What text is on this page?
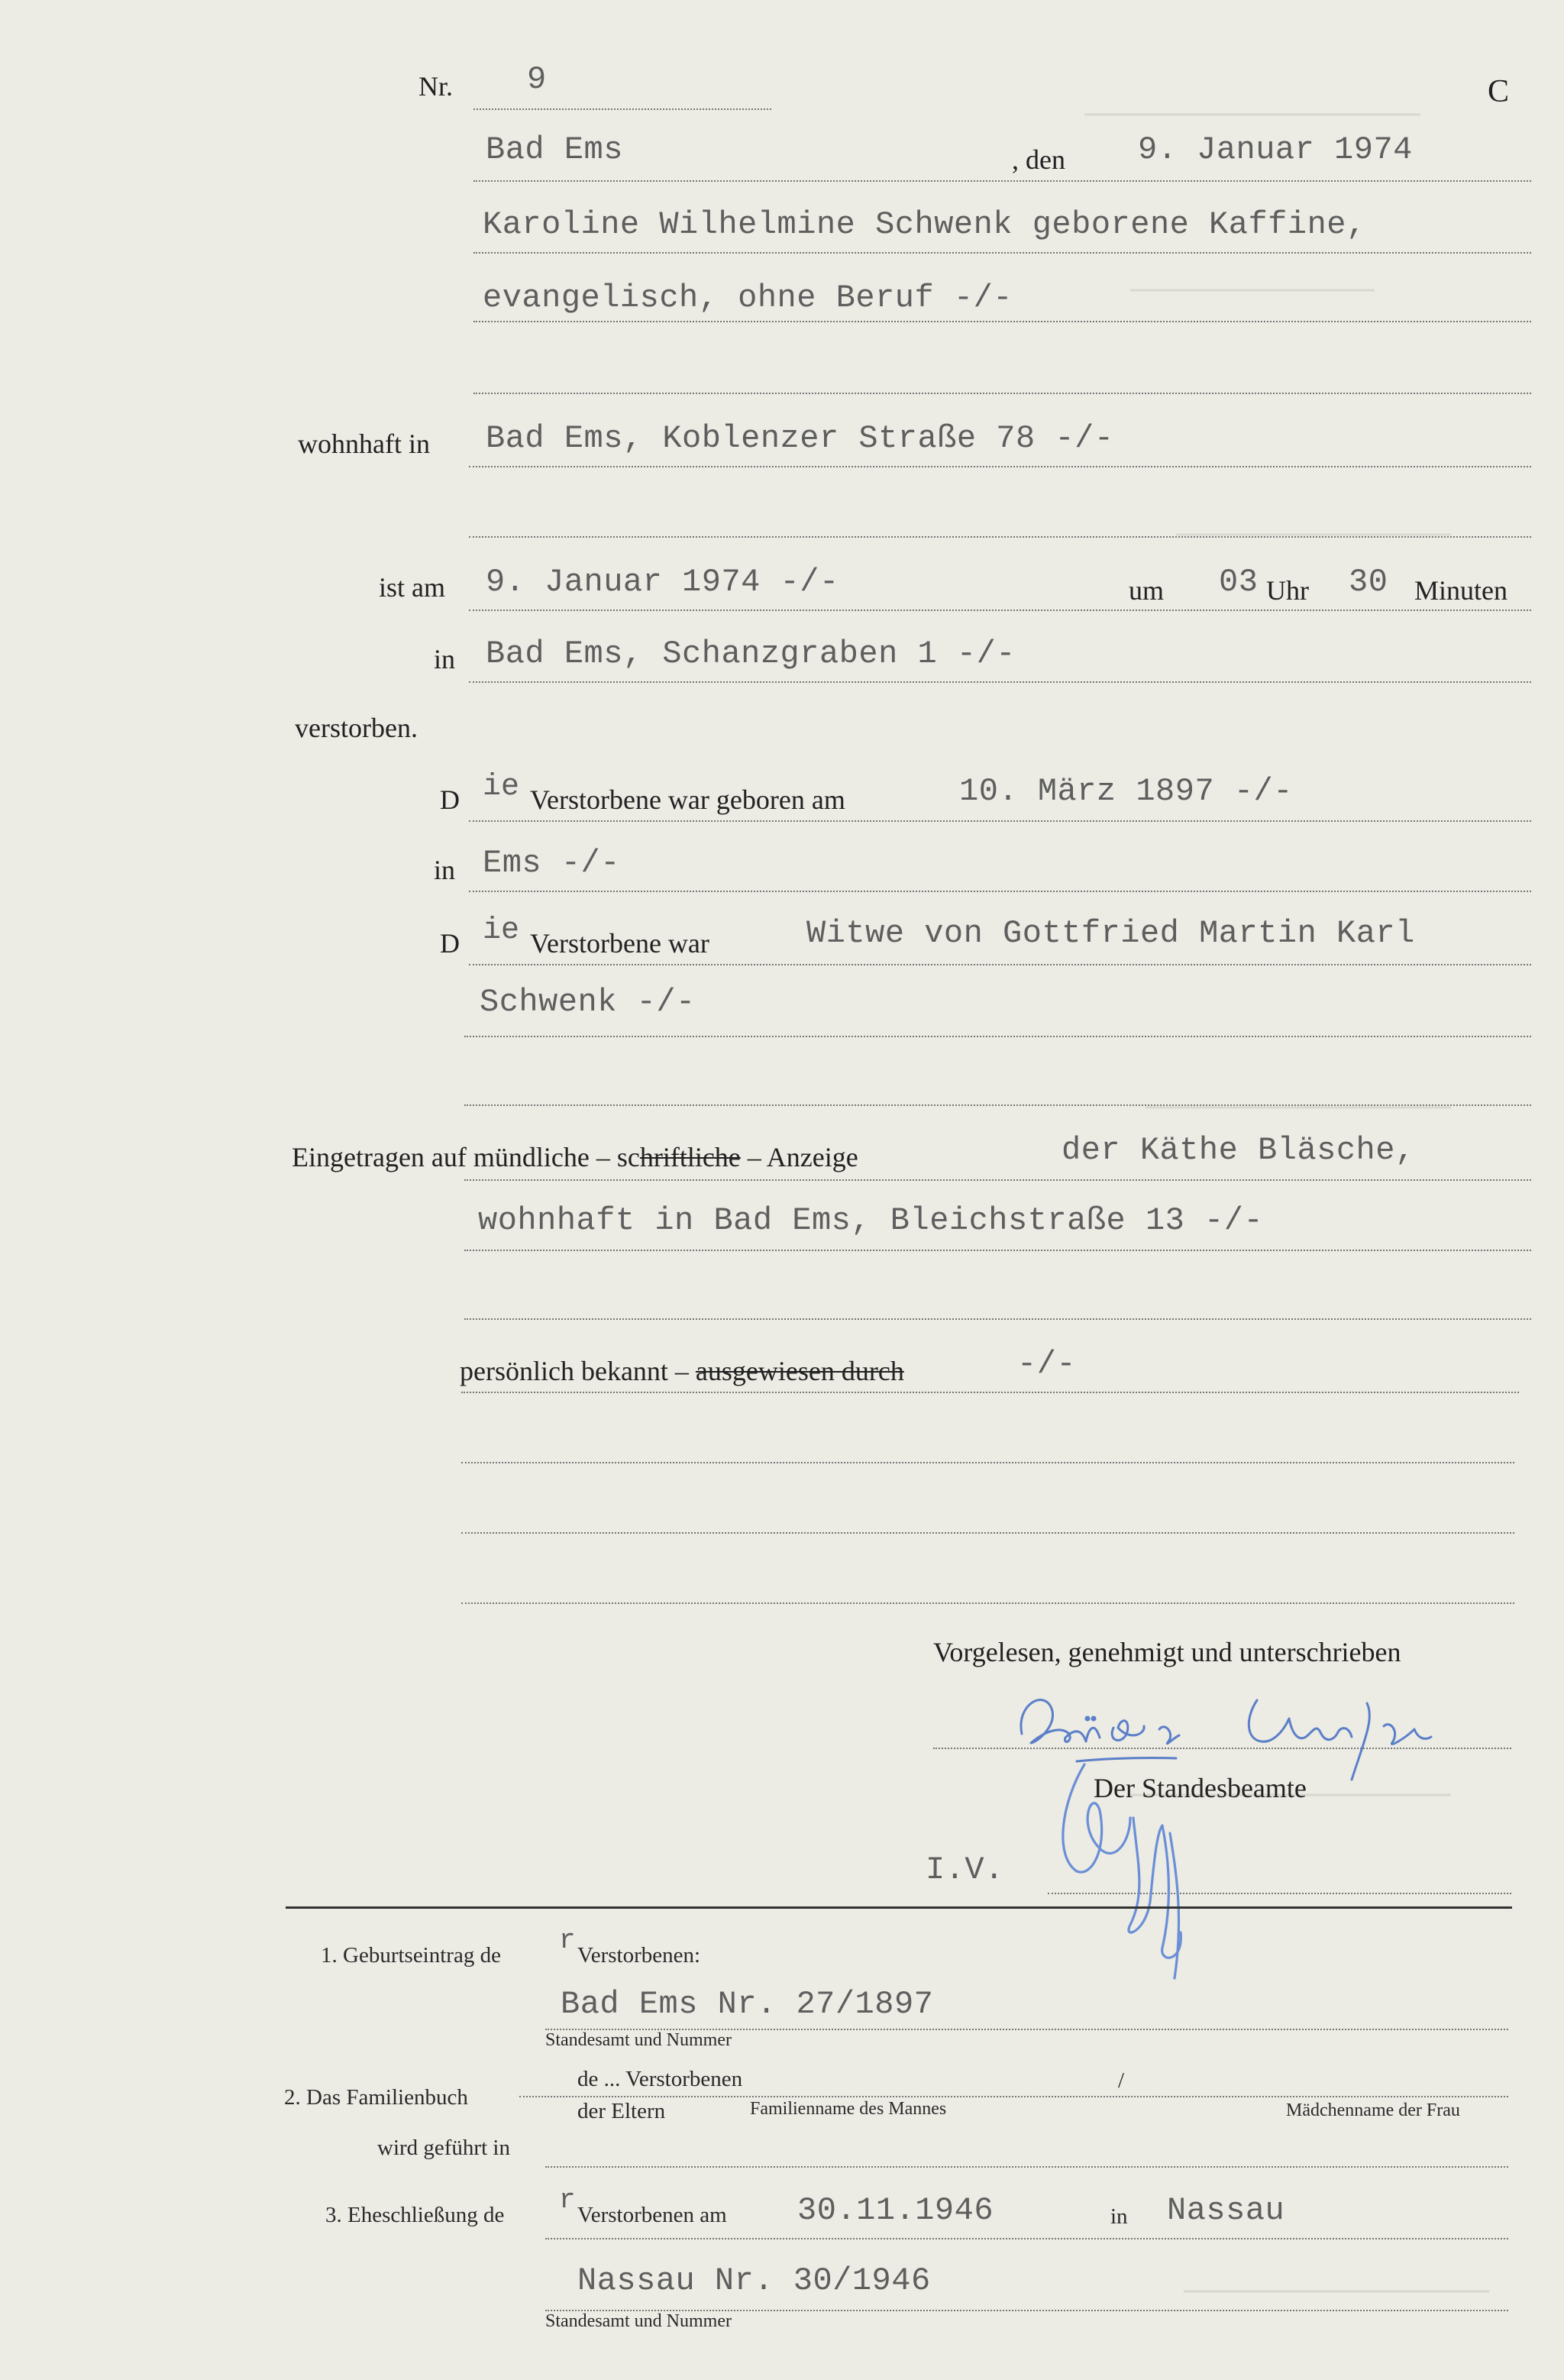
Nr. 9	C
Bad Ems	, den 9. Januar 1974
Karoline Wilhelmine Schwenk geborene Kaffine,
evangelisch, ohne Beruf -/-
wohnhaft in Bad Ems, Koblenzer Straße 78 -/-
ist am 9. Januar 1974 -/-	um 03 Uhr 30 Minuten
in Bad Ems, Schanzgraben 1 -/-
verstorben.
D ie Verstorbene war geboren am	10. März 1897 -/-
in Ems -/-
D ie Verstorbene war	Witwe von Gottfried Martin Karl
Schwenk -/-
Eingetragen auf mündliche – schriftliche – Anzeige	der Käthe Bläsche,
wohnhaft in Bad Ems, Bleichstraße 13 -/-
persönlich bekannt – ausgewiesen durch	-/-
Vorgelesen, genehmigt und unterschrieben
Der Standesbeamte
I.V.
1. Geburtseintrag de r Verstorbenen:
Bad Ems Nr. 27/1897
Standesamt und Nummer
de ... Verstorbenen
2. Das Familienbuch
der Eltern	Familienname des Mannes
/
Mädchenname der Frau
wird geführt in
3. Eheschließung de r Verstorbenen am 30.11.1946	in Nassau
Nassau Nr. 30/1946
Standesamt und Nummer
